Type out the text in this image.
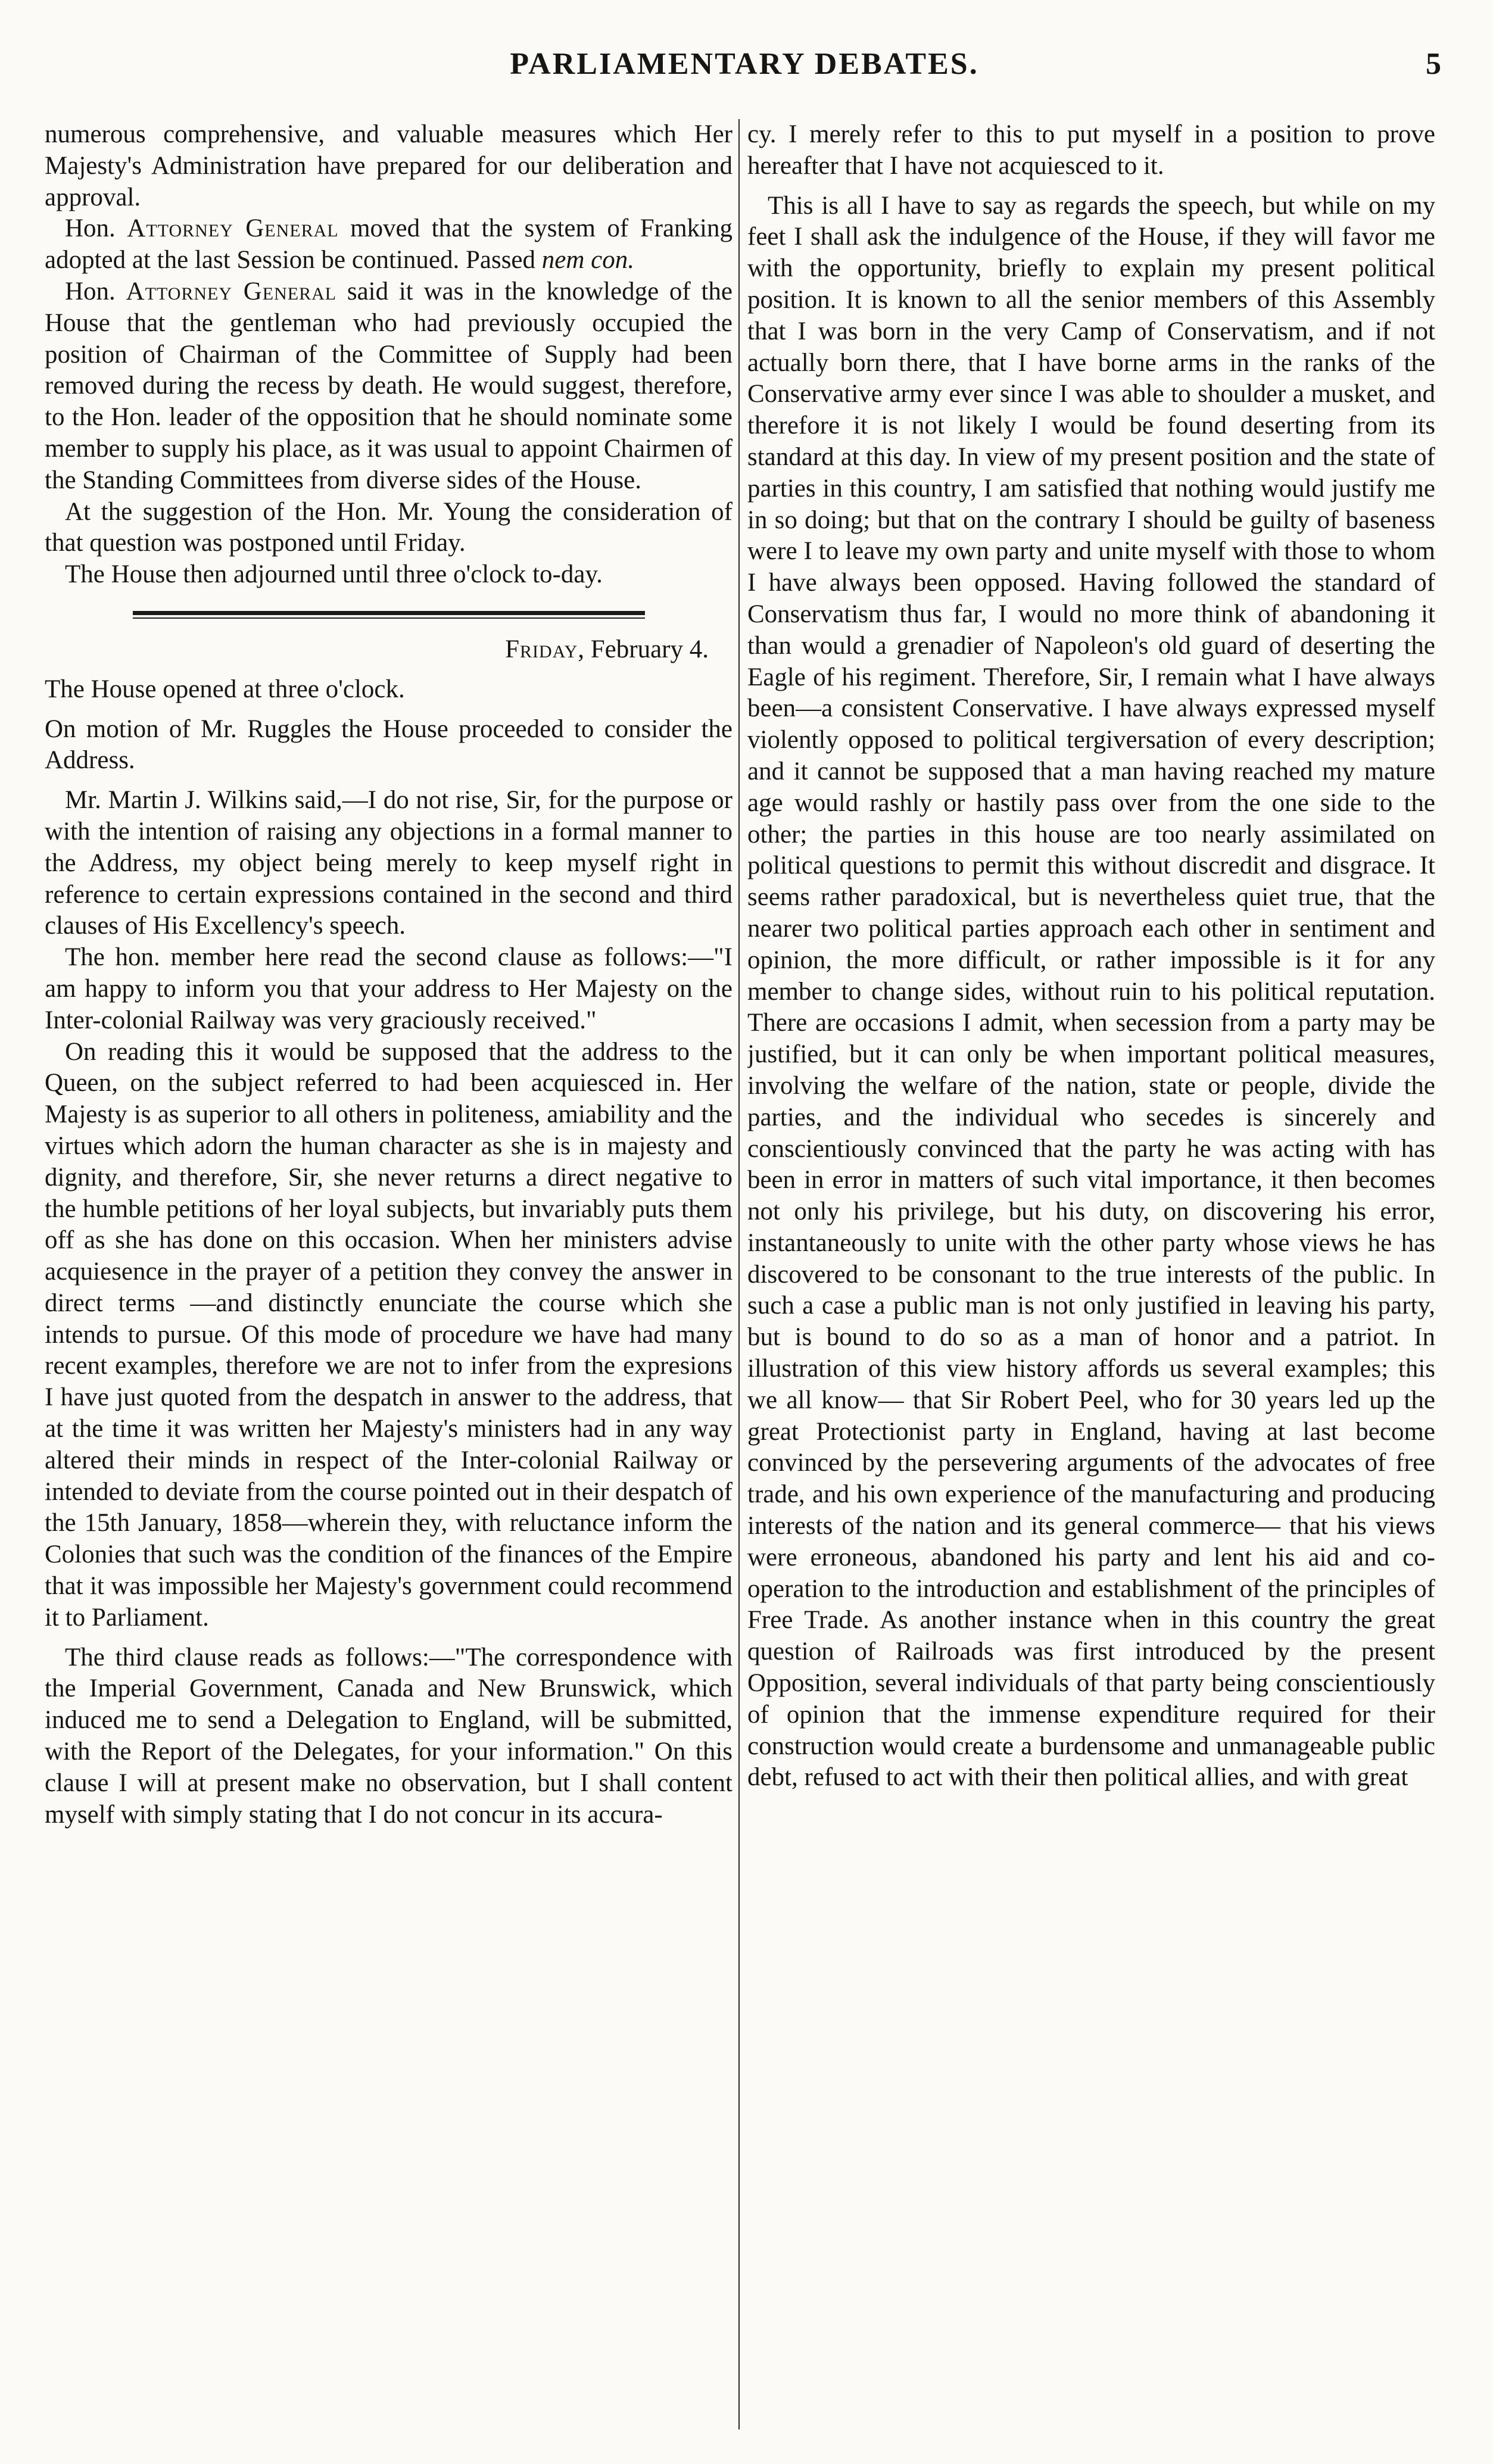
PARLIAMENTARY DEBATES.	5

numerous comprehensive, and valuable measures which Her Majesty's Administration have prepared for our deliberation and approval.

Hon. Attorney General moved that the system of Franking adopted at the last Session be continued. Passed nem con.

Hon. Attorney General said it was in the knowledge of the House that the gentleman who had previously occupied the position of Chairman of the Committee of Supply had been removed during the recess by death. He would suggest, therefore, to the Hon. leader of the opposition that he should nominate some member to supply his place, as it was usual to appoint Chairmen of the Standing Committees from diverse sides of the House.

At the suggestion of the Hon. Mr. Young the consideration of that question was postponed until Friday.

The House then adjourned until three o'clock to-day.

Friday, February 4.

The House opened at three o'clock.

On motion of Mr. Ruggles the House proceeded to consider the Address.

Mr. Martin J. Wilkins said,—I do not rise, Sir, for the purpose or with the intention of raising any objections in a formal manner to the Address, my object being merely to keep myself right in reference to certain expressions contained in the second and third clauses of His Excellency's speech.

The hon. member here read the second clause as follows:—"I am happy to inform you that your address to Her Majesty on the Inter-colonial Railway was very graciously received."

On reading this it would be supposed that the address to the Queen, on the subject referred to had been acquiesced in. Her Majesty is as superior to all others in politeness, amiability and the virtues which adorn the human character as she is in majesty and dignity, and therefore, Sir, she never returns a direct negative to the humble petitions of her loyal subjects, but invariably puts them off as she has done on this occasion. When her ministers advise acquiesence in the prayer of a petition they convey the answer in direct terms —and distinctly enunciate the course which she intends to pursue. Of this mode of procedure we have had many recent examples, therefore we are not to infer from the expresions I have just quoted from the despatch in answer to the address, that at the time it was written her Majesty's ministers had in any way altered their minds in respect of the Inter-colonial Railway or intended to deviate from the course pointed out in their despatch of the 15th January, 1858—wherein they, with reluctance inform the Colonies that such was the condition of the finances of the Empire that it was impossible her Majesty's government could recommend it to Parliament.

The third clause reads as follows:—"The correspondence with the Imperial Government, Canada and New Brunswick, which induced me to send a Delegation to England, will be submitted, with the Report of the Delegates, for your information." On this clause I will at present make no observation, but I shall content myself with simply stating that I do not concur in its accura-

cy. I merely refer to this to put myself in a position to prove hereafter that I have not acquiesced to it.

This is all I have to say as regards the speech, but while on my feet I shall ask the indulgence of the House, if they will favor me with the opportunity, briefly to explain my present political position. It is known to all the senior members of this Assembly that I was born in the very Camp of Conservatism, and if not actually born there, that I have borne arms in the ranks of the Conservative army ever since I was able to shoulder a musket, and therefore it is not likely I would be found deserting from its standard at this day. In view of my present position and the state of parties in this country, I am satisfied that nothing would justify me in so doing; but that on the contrary I should be guilty of baseness were I to leave my own party and unite myself with those to whom I have always been opposed. Having followed the standard of Conservatism thus far, I would no more think of abandoning it than would a grenadier of Napoleon's old guard of deserting the Eagle of his regiment. Therefore, Sir, I remain what I have always been—a consistent Conservative. I have always expressed myself violently opposed to political tergiversation of every description; and it cannot be supposed that a man having reached my mature age would rashly or hastily pass over from the one side to the other; the parties in this house are too nearly assimilated on political questions to permit this without discredit and disgrace. It seems rather paradoxical, but is nevertheless quiet true, that the nearer two political parties approach each other in sentiment and opinion, the more difficult, or rather impossible is it for any member to change sides, without ruin to his political reputation. There are occasions I admit, when secession from a party may be justified, but it can only be when important political measures, involving the welfare of the nation, state or people, divide the parties, and the individual who secedes is sincerely and conscientiously convinced that the party he was acting with has been in error in matters of such vital importance, it then becomes not only his privilege, but his duty, on discovering his error, instantaneously to unite with the other party whose views he has discovered to be consonant to the true interests of the public. In such a case a public man is not only justified in leaving his party, but is bound to do so as a man of honor and a patriot. In illustration of this view history affords us several examples; this we all know— that Sir Robert Peel, who for 30 years led up the great Protectionist party in England, having at last become convinced by the persevering arguments of the advocates of free trade, and his own experience of the manufacturing and producing interests of the nation and its general commerce— that his views were erroneous, abandoned his party and lent his aid and co-operation to the introduction and establishment of the principles of Free Trade. As another instance when in this country the great question of Railroads was first introduced by the present Opposition, several individuals of that party being conscientiously of opinion that the immense expenditure required for their construction would create a burdensome and unmanageable public debt, refused to act with their then political allies, and with great
